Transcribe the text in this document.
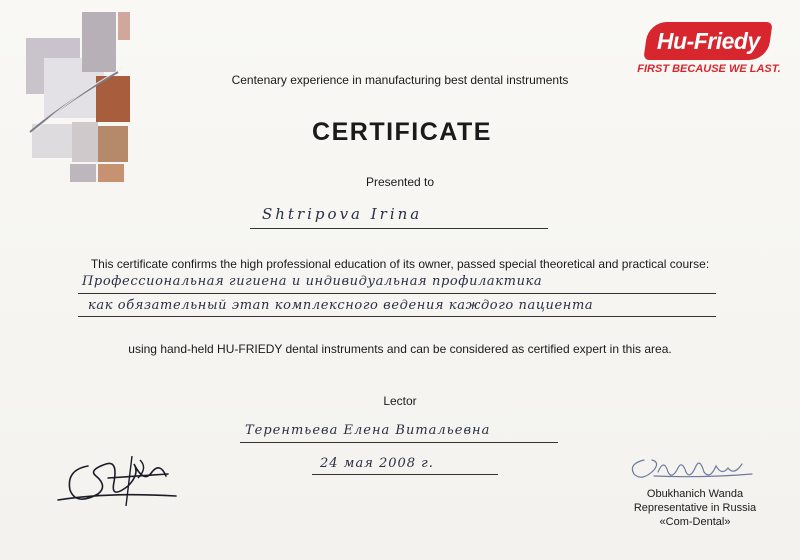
Hu-Friedy
FIRST BECAUSE WE LAST.
Centenary experience in manufacturing best dental instruments
CERTIFICATE
Presented to
Shtripova Irina
This certificate confirms the high professional education of its owner, passed special theoretical and practical course:
Профессиональная гигиена и индивидуальная профилактика
как обязательный этап комплексного ведения каждого пациента
using hand-held HU-FRIEDY dental instruments and can be considered as certified expert in this area.
Lector
Терентьева Елена Витальевна
24 мая 2008 г.
Obukhanich Wanda
Representative in Russia
«Com-Dental»
